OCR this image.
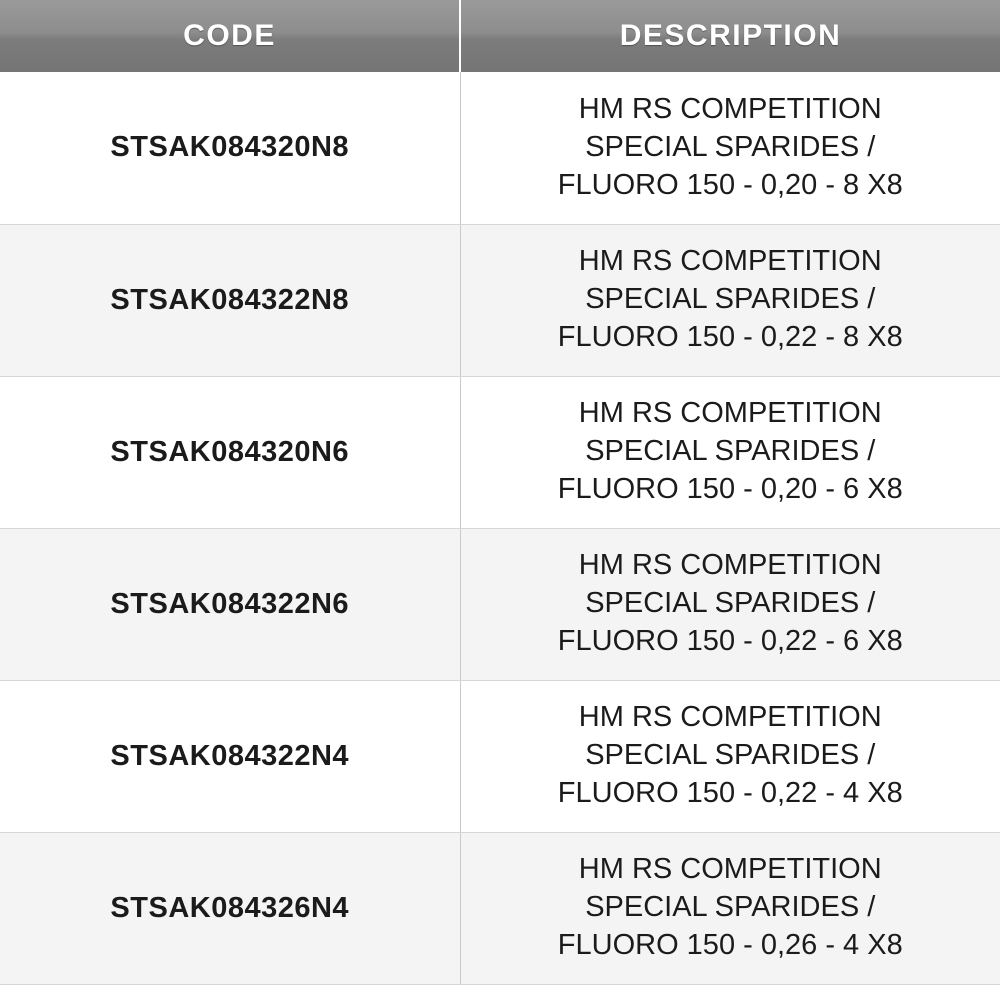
CODE	DESCRIPTION
STSAK084320N8	HM RS COMPETITION
SPECIAL SPARIDES /
FLUORO 150 - 0,20 - 8 X8

STSAK084322N8	HM RS COMPETITION
SPECIAL SPARIDES /
FLUORO 150 - 0,22 - 8 X8

STSAK084320N6	HM RS COMPETITION
SPECIAL SPARIDES /
FLUORO 150 - 0,20 - 6 X8

STSAK084322N6	HM RS COMPETITION
SPECIAL SPARIDES /
FLUORO 150 - 0,22 - 6 X8

STSAK084322N4	HM RS COMPETITION
SPECIAL SPARIDES /
FLUORO 150 - 0,22 - 4 X8

STSAK084326N4	HM RS COMPETITION
SPECIAL SPARIDES /
FLUORO 150 - 0,26 - 4 X8
